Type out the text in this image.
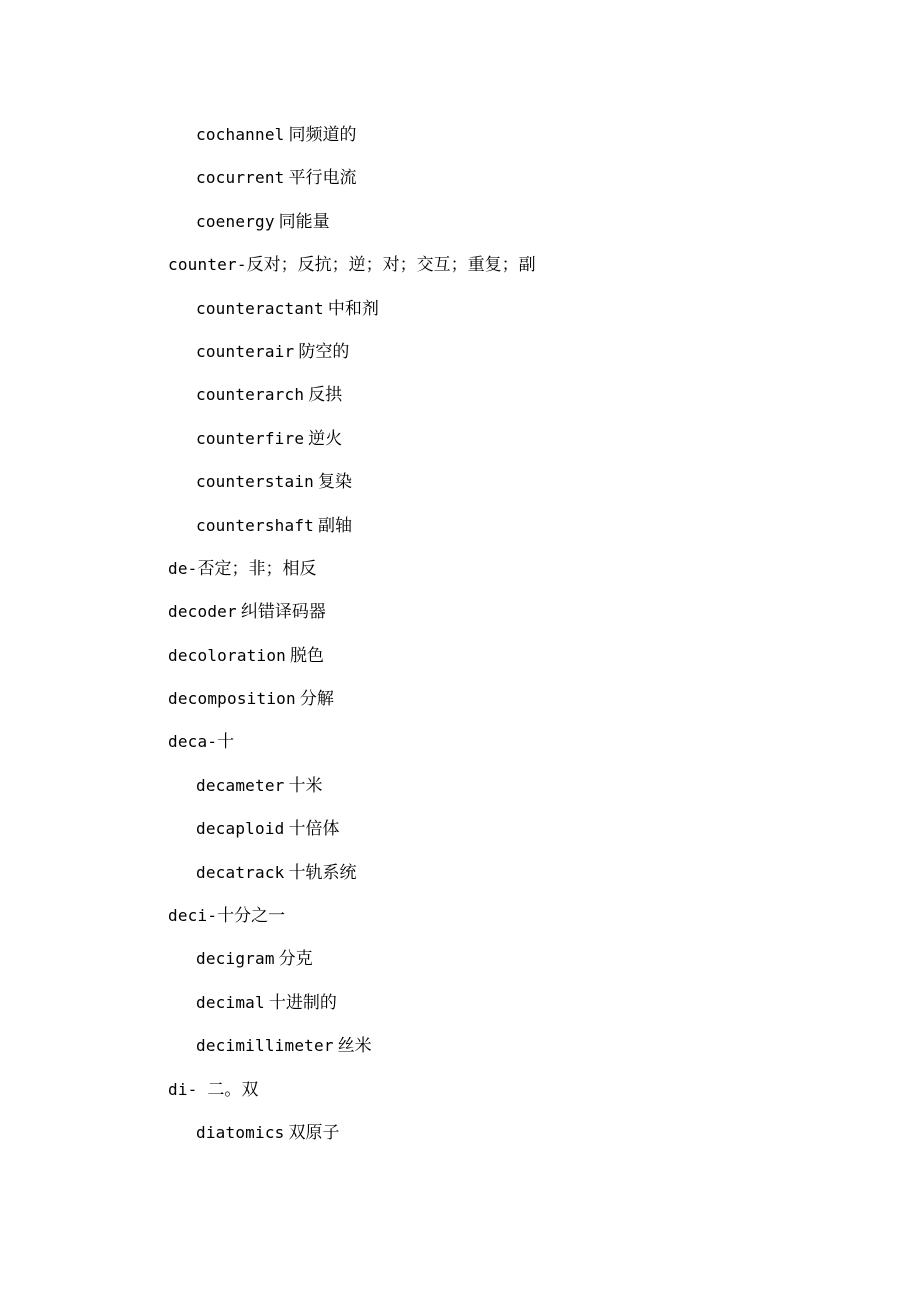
cochannel 同频道的
cocurrent 平行电流
coenergy 同能量
counter-反对；反抗；逆；对；交互；重复；副
counteractant 中和剂
counterair 防空的
counterarch 反拱
counterfire 逆火
counterstain 复染
countershaft 副轴
de-否定；非；相反
decoder 纠错译码器
decoloration 脱色
decomposition 分解
deca-十
decameter 十米
decaploid 十倍体
decatrack 十轨系统
deci-十分之一
decigram 分克
decimal 十进制的
decimillimeter 丝米
di- 二。双
diatomics 双原子
